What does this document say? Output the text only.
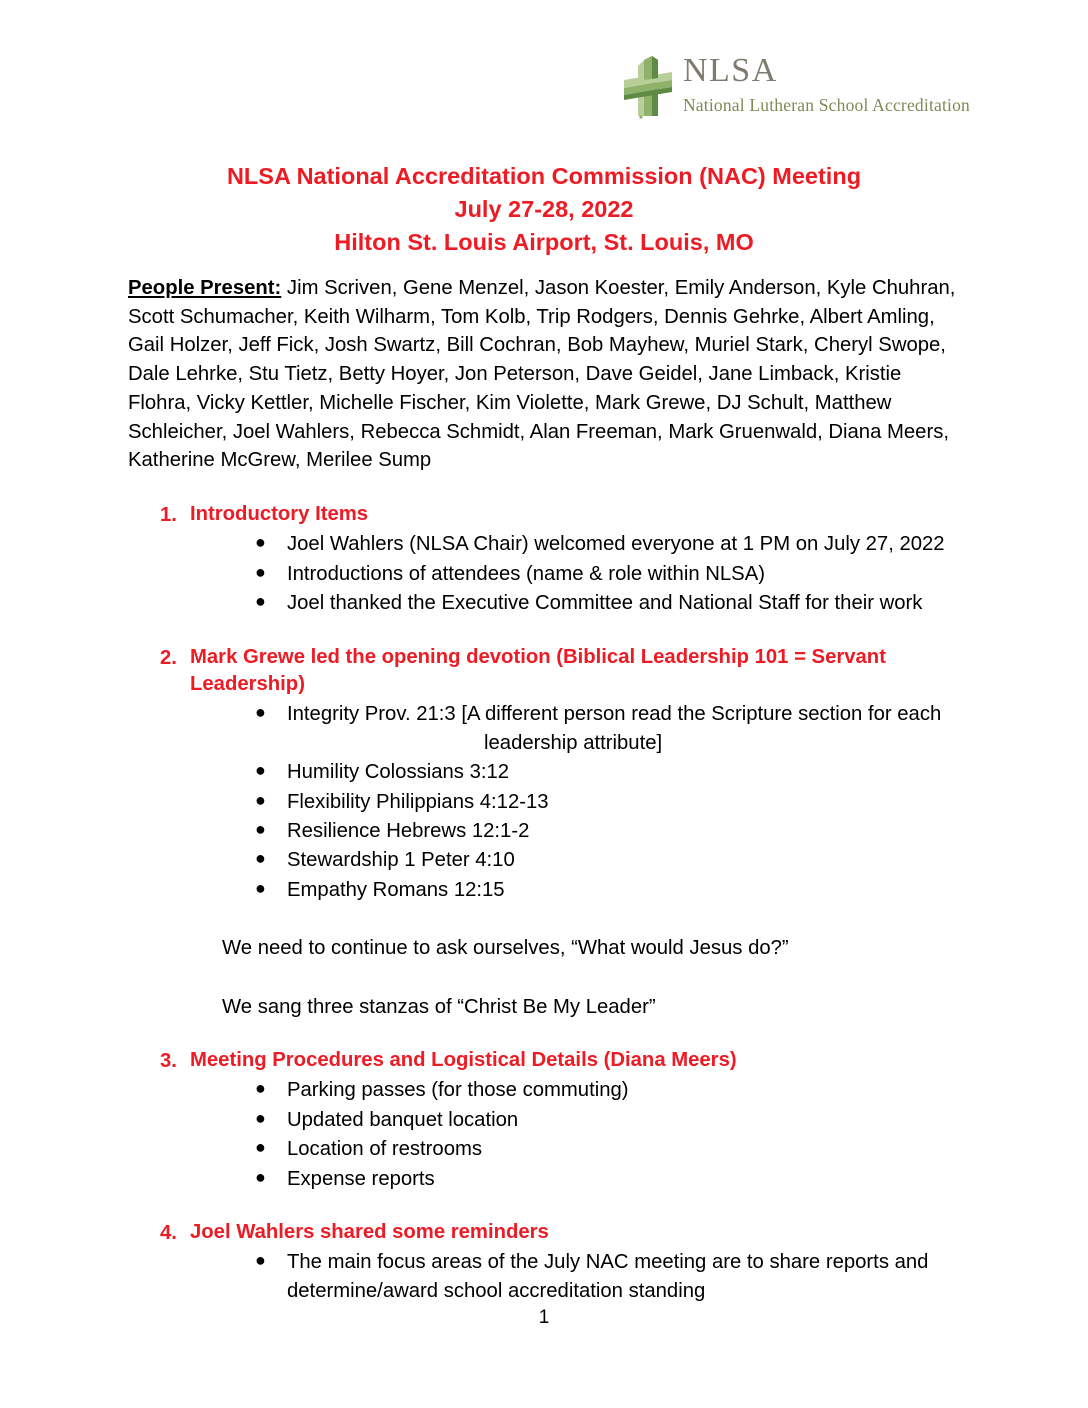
NLSA
National Lutheran School Accreditation
NLSA National Accreditation Commission (NAC) Meeting
July 27-28, 2022
Hilton St. Louis Airport, St. Louis, MO

People Present: Jim Scriven, Gene Menzel, Jason Koester, Emily Anderson, Kyle Chuhran, Scott Schumacher, Keith Wilharm, Tom Kolb, Trip Rodgers, Dennis Gehrke, Albert Amling, Gail Holzer, Jeff Fick, Josh Swartz, Bill Cochran, Bob Mayhew, Muriel Stark, Cheryl Swope, Dale Lehrke, Stu Tietz, Betty Hoyer, Jon Peterson, Dave Geidel, Jane Limback, Kristie Flohra, Vicky Kettler, Michelle Fischer, Kim Violette, Mark Grewe, DJ Schult, Matthew Schleicher, Joel Wahlers, Rebecca Schmidt, Alan Freeman, Mark Gruenwald, Diana Meers, Katherine McGrew, Merilee Sump

1. Introductory Items

● Joel Wahlers (NLSA Chair) welcomed everyone at 1 PM on July 27, 2022
● Introductions of attendees (name & role within NLSA)
● Joel thanked the Executive Committee and National Staff for their work
2. Mark Grewe led the opening devotion (Biblical Leadership 101 = Servant Leadership)

● Integrity Prov. 21:3 [A different person read the Scripture section for each
leadership attribute]
● Humility Colossians 3:12
● Flexibility Philippians 4:12-13
● Resilience Hebrews 12:1-2
● Stewardship 1 Peter 4:10
● Empathy Romans 12:15

We need to continue to ask ourselves, “What would Jesus do?”

We sang three stanzas of “Christ Be My Leader”

3. Meeting Procedures and Logistical Details (Diana Meers)

● Parking passes (for those commuting)
● Updated banquet location
● Location of restrooms
● Expense reports
4. Joel Wahlers shared some reminders

● The main focus areas of the July NAC meeting are to share reports and
determine/award school accreditation standing
1
